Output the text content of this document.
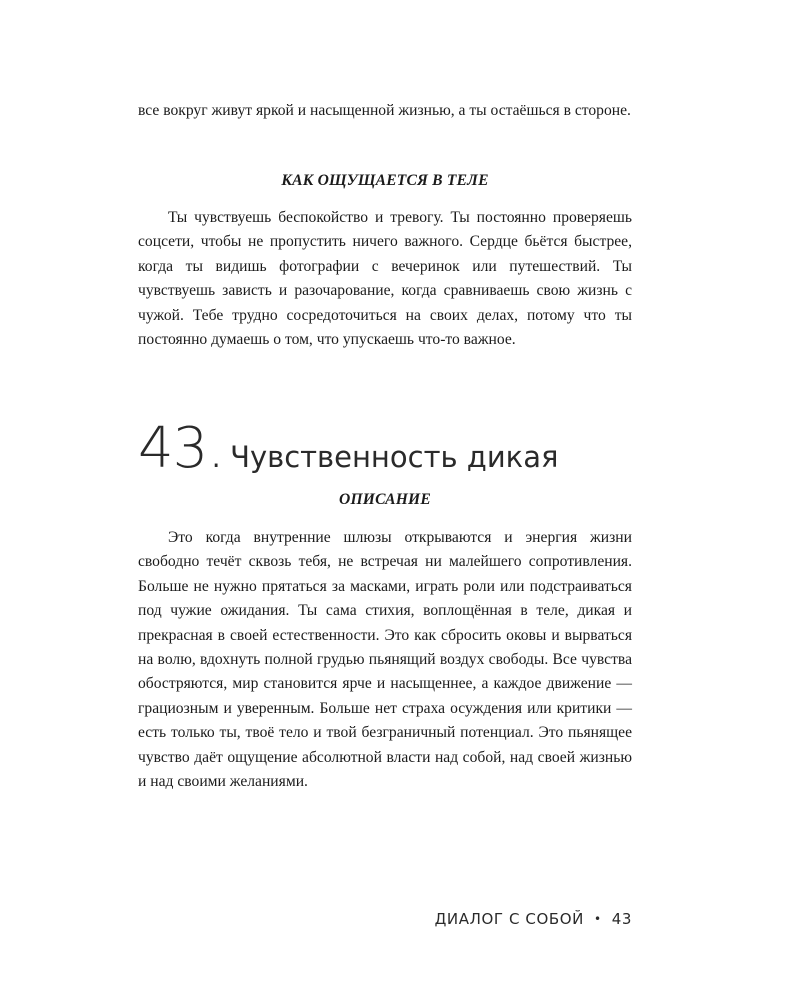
все вокруг живут яркой и насыщенной жизнью, а ты остаёшься в стороне.

КАК ОЩУЩАЕТСЯ В ТЕЛЕ

Ты чувствуешь беспокойство и тревогу. Ты постоянно проверяешь соцсети, чтобы не пропустить ничего важного. Сердце бьётся быстрее, когда ты видишь фотографии с вечеринок или путешествий. Ты чувствуешь зависть и разочарование, когда сравниваешь свою жизнь с чужой. Тебе трудно сосредоточиться на своих делах, потому что ты постоянно думаешь о том, что упускаешь что-то важное.

43. Чувственность дикая
ОПИСАНИЕ

Это когда внутренние шлюзы открываются и энергия жизни свободно течёт сквозь тебя, не встречая ни малейшего сопротивления. Больше не нужно прятаться за масками, играть роли или подстраиваться под чужие ожидания. Ты сама стихия, воплощённая в теле, дикая и прекрасная в своей естественности. Это как сбросить оковы и вырваться на волю, вдохнуть полной грудью пьянящий воздух свободы. Все чувства обостряются, мир становится ярче и насыщеннее, а каждое движение — грациозным и уверенным. Больше нет страха осуждения или критики — есть только ты, твоё тело и твой безграничный потенциал. Это пьянящее чувство даёт ощущение абсолютной власти над собой, над своей жизнью и над своими желаниями.

ДИАЛОГ С СОБОЙ • 43
